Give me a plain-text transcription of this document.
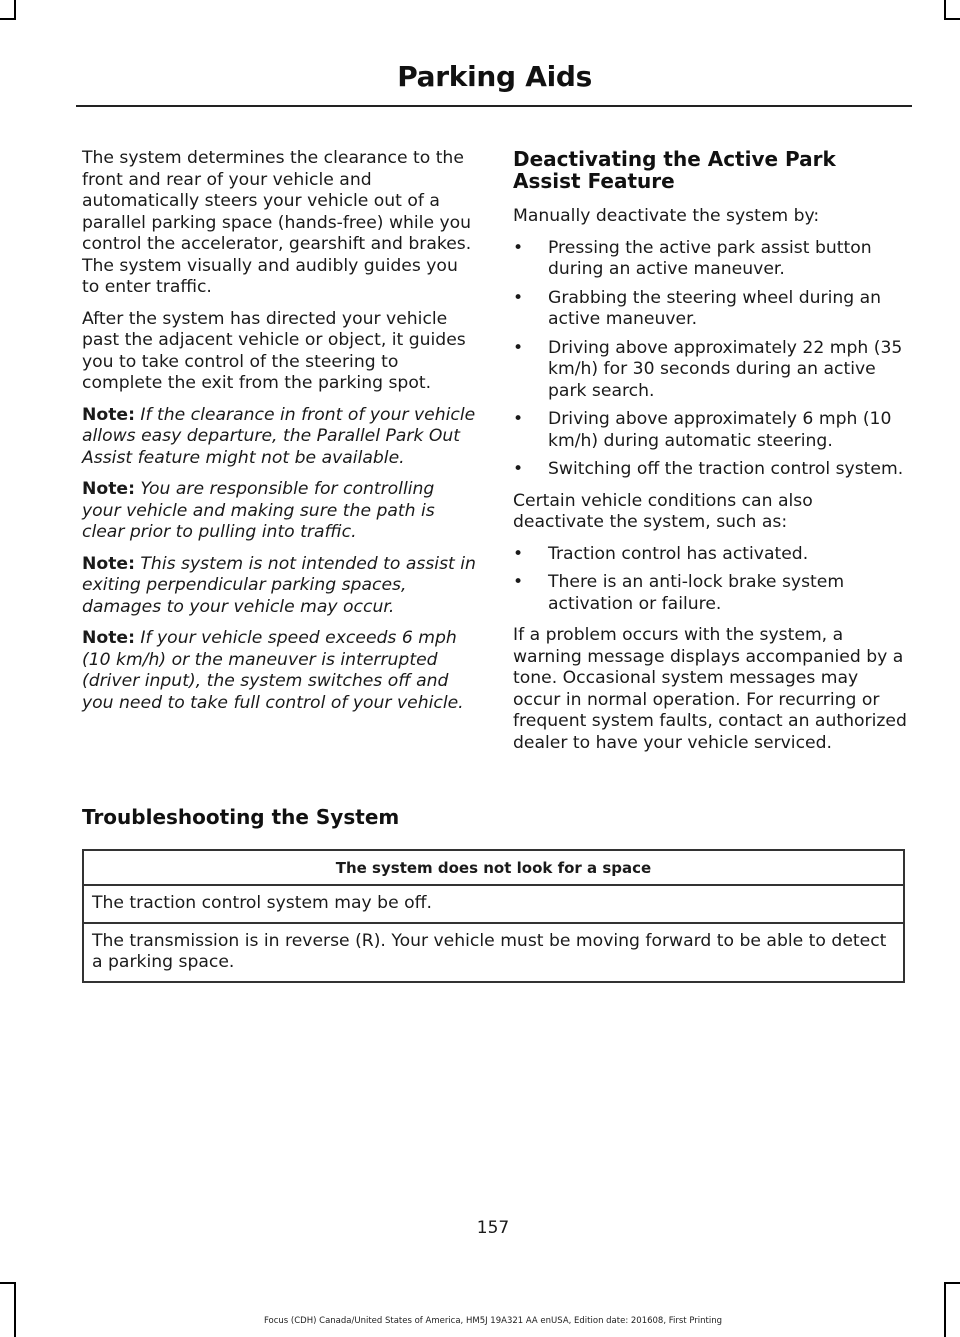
Parking Aids

The system determines the clearance to the front and rear of your vehicle and automatically steers your vehicle out of a parallel parking space (hands-free) while you control the accelerator, gearshift and brakes. The system visually and audibly guides you to enter traffic.

After the system has directed your vehicle past the adjacent vehicle or object, it guides you to take control of the steering to complete the exit from the parking spot.

Note: If the clearance in front of your vehicle allows easy departure, the Parallel Park Out Assist feature might not be available.

Note: You are responsible for controlling your vehicle and making sure the path is clear prior to pulling into traffic.

Note: This system is not intended to assist in exiting perpendicular parking spaces, damages to your vehicle may occur.

Note: If your vehicle speed exceeds 6 mph (10 km/h) or the maneuver is interrupted (driver input), the system switches off and you need to take full control of your vehicle.

Deactivating the Active Park Assist Feature

Manually deactivate the system by:

• Pressing the active park assist button during an active maneuver.
• Grabbing the steering wheel during an active maneuver.
• Driving above approximately 22 mph (35 km/h) for 30 seconds during an active park search.
• Driving above approximately 6 mph (10 km/h) during automatic steering.
• Switching off the traction control system.

Certain vehicle conditions can also deactivate the system, such as:

• Traction control has activated.
• There is an anti-lock brake system activation or failure.

If a problem occurs with the system, a warning message displays accompanied by a tone. Occasional system messages may occur in normal operation. For recurring or frequent system faults, contact an authorized dealer to have your vehicle serviced.

Troubleshooting the System
The system does not look for a space
The traction control system may be off.
The transmission is in reverse (R). Your vehicle must be moving forward to be able to detect a parking space.
157
Focus (CDH) Canada/United States of America, HM5J 19A321 AA enUSA, Edition date: 201608, First Printing
